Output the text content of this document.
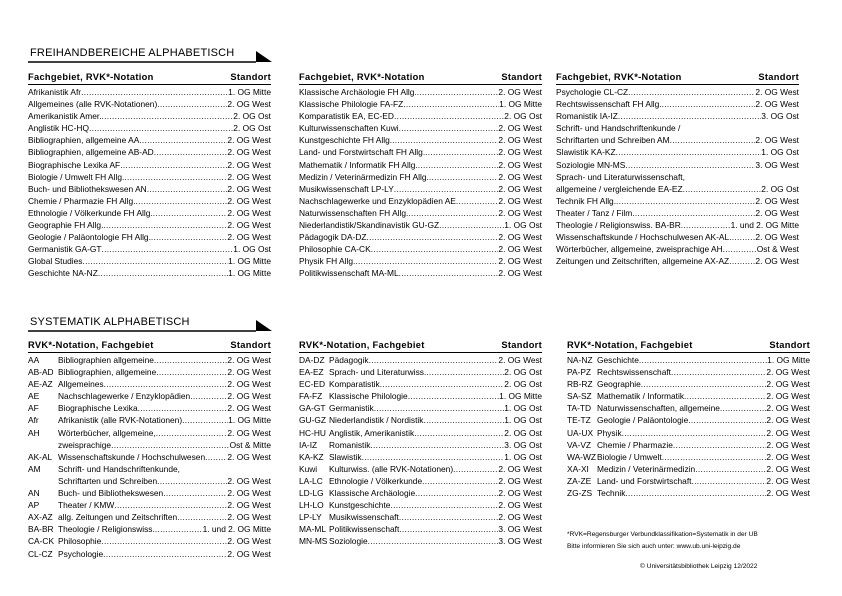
FREIHANDBEREICHE ALPHABETISCH
Fachgebiet, RVK*-Notation	Standort
Afrikanistik Afr .....	1. OG Mitte
Allgemeines (alle RVK-Notationen) .....	2. OG West
Amerikanistik Amer. .....	2. OG Ost
Anglistik HC-HQ .....	2. OG Ost
Bibliographien, allgemeine AA .....	2. OG West
Bibliographien, allgemeine AB-AD .....	2. OG West
Biographische Lexika AF .....	2. OG West
Biologie / Umwelt FH Allg. .....	2. OG West
Buch- und Bibliothekswesen AN .....	2. OG West
Chemie / Pharmazie FH Allg. .....	2. OG West
Ethnologie / Völkerkunde FH Allg. .....	2. OG West
Geographie FH Allg. .....	2. OG West
Geologie / Paläontologie FH Allg. .....	2. OG West
Germanistik GA-GT .....	1. OG Ost
Global Studies .....	1. OG Mitte
Geschichte NA-NZ .....	1. OG Mitte
Fachgebiet, RVK*-Notation	Standort
Klassische Archäologie FH Allg. .....	2. OG West
Klassische Philologie FA-FZ .....	1. OG Mitte
Komparatistik EA, EC-ED .....	2. OG Ost
Kulturwissenschaften Kuwi .....	2. OG West
Kunstgeschichte FH Allg. .....	2. OG West
Land- und Forstwirtschaft FH Allg. .....	2. OG West
Mathematik / Informatik FH Allg. .....	2. OG West
Medizin / Veterinärmedizin FH Allg. .....	2. OG West
Musikwissenschaft LP-LY .....	2. OG West
Nachschlagewerke und Enzyklopädien AE .....	2. OG West
Naturwissenschaften FH Allg. .....	2. OG West
Niederlandistik/Skandinavistik GU-GZ .....	1. OG Ost
Pädagogik DA-DZ .....	2. OG West
Philosophie CA-CK .....	2. OG West
Physik FH Allg. .....	2. OG West
Politikwissenschaft MA-ML .....	2. OG West
Fachgebiet, RVK*-Notation	Standort
Psychologie CL-CZ .....	2. OG West
Rechtswissenschaft FH Allg. .....	2. OG West
Romanistik IA-IZ .....	3. OG Ost
Schrift- und Handschriftenkunde /
Schriftarten und Schreiben AM .....	2. OG West
Slawistik KA-KZ .....	1. OG Ost
Soziologie MN-MS .....	3. OG West
Sprach- und Literaturwissenschaft,
allgemeine / vergleichende EA-EZ .....	2. OG Ost
Technik FH Allg. .....	2. OG West
Theater / Tanz / Film .....	2. OG West
Theologie / Religionswiss. BA-BR .....	1. und 2. OG Mitte
Wissenschaftskunde / Hochschulwesen AK-AL .....	2. OG West
Wörterbücher, allgemeine, zweisprachige AH .....	Ost & West
Zeitungen und Zeitschriften, allgemeine AX-AZ .....	2. OG West
SYSTEMATIK ALPHABETISCH
RVK*-Notation, Fachgebiet	Standort
AA	Bibliographien allgemeine .....	2. OG West
AB-AD Bibliographien, allgemeine .....	2. OG West
AE-AZ Allgemeines .....	2. OG West
AE	Nachschlagewerke / Enzyklopädien .....	2. OG West
AF	Biographische Lexika .....	2. OG West
Afr	Afrikanistik (alle RVK-Notationen) .....	1. OG Mitte
AH	Wörterbücher, allgemeine, .....	2. OG West
zweisprachige .....	Ost & Mitte
AK-AL Wissenschaftskunde / Hochschulwesen .....	2. OG West
AM	Schrift- und Handschriftenkunde,
Schriftarten und Schreiben .....	2. OG West
AN	Buch- und Bibliothekswesen .....	2. OG West
AP	Theater / KMW .....	2. OG West
AX-AZ allg. Zeitungen und Zeitschriften .....	2. OG West
BA-BR Theologie / Religionswiss. .....	1. und 2. OG Mitte
CA-CK Philosophie .....	2. OG West
CL-CZ Psychologie .....	2. OG West
RVK*-Notation, Fachgebiet	Standort
DA-DZ Pädagogik .....	2. OG West
EA-EZ Sprach- und Literaturwiss. .....	2. OG Ost
EC-ED Komparatistik .....	2. OG Ost
FA-FZ Klassische Philologie .....	1. OG Mitte
GA-GT Germanistik .....	1. OG Ost
GU-GZ Niederlandistik / Nordistik .....	1. OG Ost
HC-HU Anglistik, Amerikanistik .....	2. OG Ost
IA-IZ	Romanistik .....	3. OG Ost
KA-KZ Slawistik .....	1. OG Ost
Kuwi	Kulturwiss. (alle RVK-Notationen) .....	2. OG West
LA-LC Ethnologie / Völkerkunde .....	2. OG West
LD-LG Klassische Archäologie .....	2. OG West
LH-LO Kunstgeschichte .....	2. OG West
LP-LY Musikwissenschaft .....	2. OG West
MA-ML Politikwissenschaft .....	3. OG West
MN-MS Soziologie .....	3. OG West
RVK*-Notation, Fachgebiet	Standort
NA-NZ Geschichte .....	1. OG Mitte
PA-PZ Rechtswissenschaft .....	2. OG West
RB-RZ Geographie .....	2. OG West
SA-SZ Mathematik / Informatik .....	2. OG West
TA-TD Naturwissenschaften, allgemeine .....	2. OG West
TE-TZ Geologie / Paläontologie .....	2. OG West
UA-UX Physik .....	2. OG West
VA-VZ Chemie / Pharmazie .....	2. OG West
WA-WZ Biologie / Umwelt .....	2. OG West
XA-XI Medizin / Veterinärmedizin .....	2. OG West
ZA-ZE Land- und Forstwirtschaft .....	2. OG West
ZG-ZS Technik .....	2. OG West
*RVK=Regensburger Verbundklassifikation=Systematik in der UB
Bitte informieren Sie sich auch unter: www.ub.uni-leipzig.de
© Universitätsbibliothek Leipzig 12/2022
